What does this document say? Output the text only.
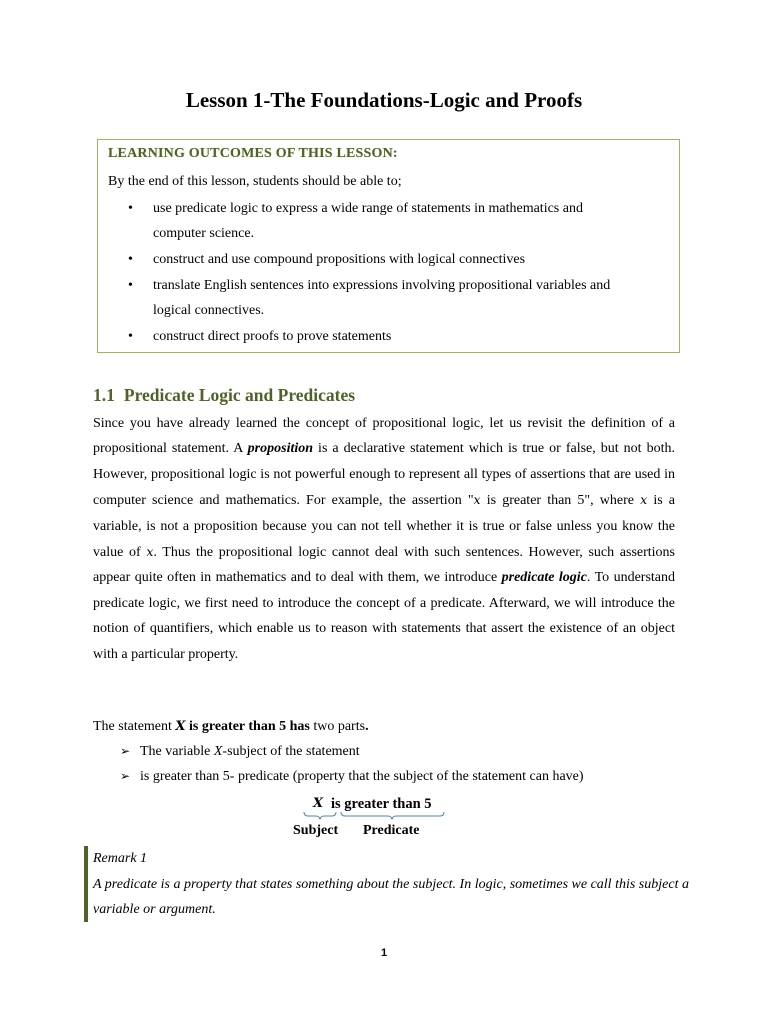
Lesson 1-The Foundations-Logic and Proofs
LEARNING OUTCOMES OF THIS LESSON:
By the end of this lesson, students should be able to;
• use predicate logic to express a wide range of statements in mathematics and
computer science.
• construct and use compound propositions with logical connectives
• translate English sentences into expressions involving propositional variables and
logical connectives.
• construct direct proofs to prove statements
1.1 Predicate Logic and Predicates

Since you have already learned the concept of propositional logic, let us revisit the definition of a propositional statement. A proposition is a declarative statement which is true or false, but not both. However, propositional logic is not powerful enough to represent all types of assertions that are used in computer science and mathematics. For example, the assertion "x is greater than 5", where x is a variable, is not a proposition because you can not tell whether it is true or false unless you know the value of x. Thus the propositional logic cannot deal with such sentences. However, such assertions appear quite often in mathematics and to deal with them, we introduce predicate logic. To understand predicate logic, we first need to introduce the concept of a predicate. Afterward, we will introduce the notion of quantifiers, which enable us to reason with statements that assert the existence of an object with a particular property.

The statement X is greater than 5 has two parts.

➢ The variable X-subject of the statement
➢ is greater than 5- predicate (property that the subject of the statement can have)
X is greater than 5
Subject Predicate
Remark 1
A predicate is a property that states something about the subject. In logic, sometimes we call this subject a variable or argument.
1
